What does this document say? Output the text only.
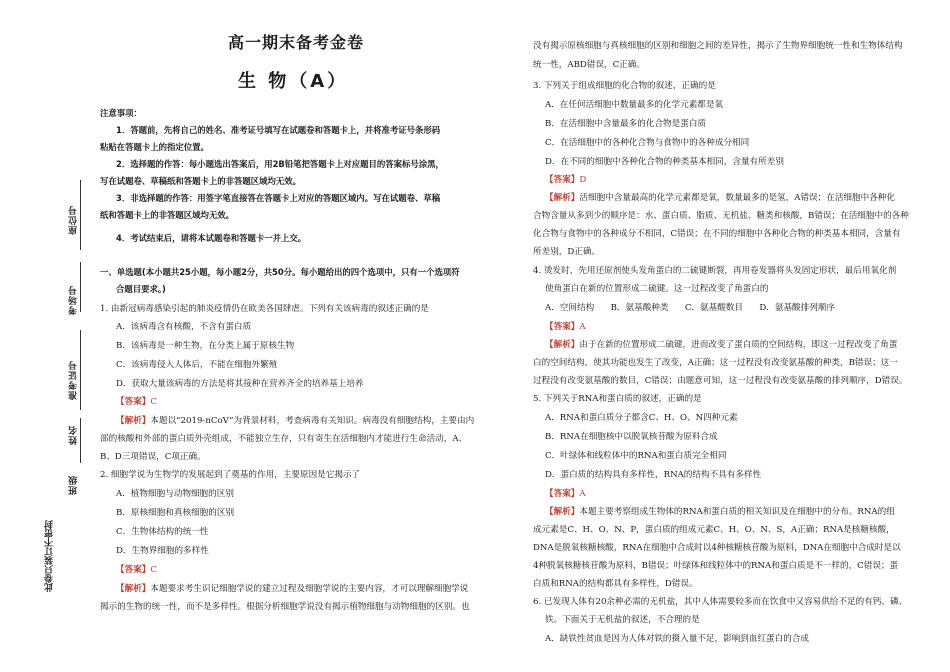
座位号
考场号
准考证号
姓名
班级
此卷只装订不密封
高一期末备考金卷
生 物（A）
注意事项：
1．答题前，先将自己的姓名、准考证号填写在试题卷和答题卡上，并将准考证号条形码
粘贴在答题卡上的指定位置。
2．选择题的作答：每小题选出答案后，用2B铅笔把答题卡上对应题目的答案标号涂黑，
写在试题卷、草稿纸和答题卡上的非答题区域均无效。
3．非选择题的作答：用签字笔直接答在答题卡上对应的答题区域内。写在试题卷、草稿
纸和答题卡上的非答题区域均无效。
4．考试结束后，请将本试题卷和答题卡一并上交。
一、单选题(本小题共25小题，每小题2分，共50分。每小题给出的四个选项中，只有一个选项符
合题目要求。)
1. 由新冠病毒感染引起的肺炎疫情仍在欧美各国肆虐。下列有关该病毒的叙述正确的是
A．该病毒含有核酸，不含有蛋白质
B．该病毒是一种生物，在分类上属于原核生物
C．该病毒侵入人体后，不能在细胞外繁殖
D．获取大量该病毒的方法是将其接种在营养齐全的培养基上培养
【答案】C
【解析】本题以“2019-nCoV”为背景材料，考查病毒有关知识。病毒没有细胞结构，主要由内
部的核酸和外部的蛋白质外壳组成，不能独立生存，只有寄生在活细胞内才能进行生命活动，A、
B、D三项错误，C项正确。
2. 细胞学说为生物学的发展起到了奠基的作用，主要原因是它揭示了
A．植物细胞与动物细胞的区别
B．原核细胞和真核细胞的区别
C．生物体结构的统一性
D．生物界细胞的多样性
【答案】C
【解析】本题要求考生识记细胞学说的建立过程及细胞学说的主要内容，才可以理解细胞学说
揭示的生物的统一性，而不是多样性。根据分析细胞学说没有揭示植物细胞与动物细胞的区别。也
没有揭示原核细胞与真核细胞的区别和细胞之间的差异性，揭示了生物界细胞统一性和生物体结构
统一性，ABD错误，C正确。
3. 下列关于组成细胞的化合物的叙述，正确的是
A．在任何活细胞中数量最多的化学元素都是氧
B．在活细胞中含量最多的化合物是蛋白质
C．在活细胞中的各种化合物与食物中的各种成分相同
D．在不同的细胞中各种化合物的种类基本相同，含量有所差别
【答案】D
【解析】活细胞中含量最高的化学元素都是氧，数量最多的是氢，A错误；在活细胞中各种化
合物含量从多到少的顺序是：水、蛋白质、脂质、无机盐、糖类和核酸，B错误；在活细胞中的各种
化合物与食物中的各种成分不相同，C错误；在不同的细胞中各种化合物的种类基本相同，含量有
所差别，D正确。
4. 烫发时，先用还原剂使头发角蛋白的二硫键断裂，再用卷发器将头发固定形状，最后用氧化剂
使角蛋白在新的位置形成二硫键。这一过程改变了角蛋白的
A．空间结构      B．氨基酸种类      C．氨基酸数目      D．氨基酸排列顺序
【答案】A
【解析】由于在新的位置形成二硫键，进而改变了蛋白质的空间结构，即这一过程改变了角蛋
白的空间结构，使其功能也发生了改变，A正确；这一过程没有改变氨基酸的种类，B错误；这一
过程没有改变氨基酸的数目，C错误；由题意可知，这一过程没有改变氨基酸的排列顺序，D错误。
5. 下列关于RNA和蛋白质的叙述，正确的是
A．RNA和蛋白质分子都含C、H、O、N四种元素
B．RNA在细胞核中以脱氧核苷酸为原料合成
C．叶绿体和线粒体中的RNA和蛋白质完全相同
D．蛋白质的结构具有多样性，RNA的结构不具有多样性
【答案】A
【解析】本题主要考察组成生物体的RNA和蛋白质的相关知识及在细胞中的分布。RNA的组
成元素是C、H、O、N、P，蛋白质的组成元素C、H、O、N、S，A正确；RNA是核糖核酸，
DNA是脱氧核糖核酸，RNA在细胞中合成时以4种核糖核苷酸为原料，DNA在细胞中合成时是以
4种脱氧核糖核苷酸为原料，B错误；叶绿体和线粒体中的RNA和蛋白质是不一样的，C错误；蛋
白质和RNA的结构都具有多样性，D错误。
6. 已发现人体有20余种必需的无机盐，其中人体需要较多而在饮食中又容易供给不足的有钙、磷、
铁。下面关于无机盐的叙述，不合理的是
A．缺铁性贫血是因为人体对铁的摄入量不足，影响到血红蛋白的合成
